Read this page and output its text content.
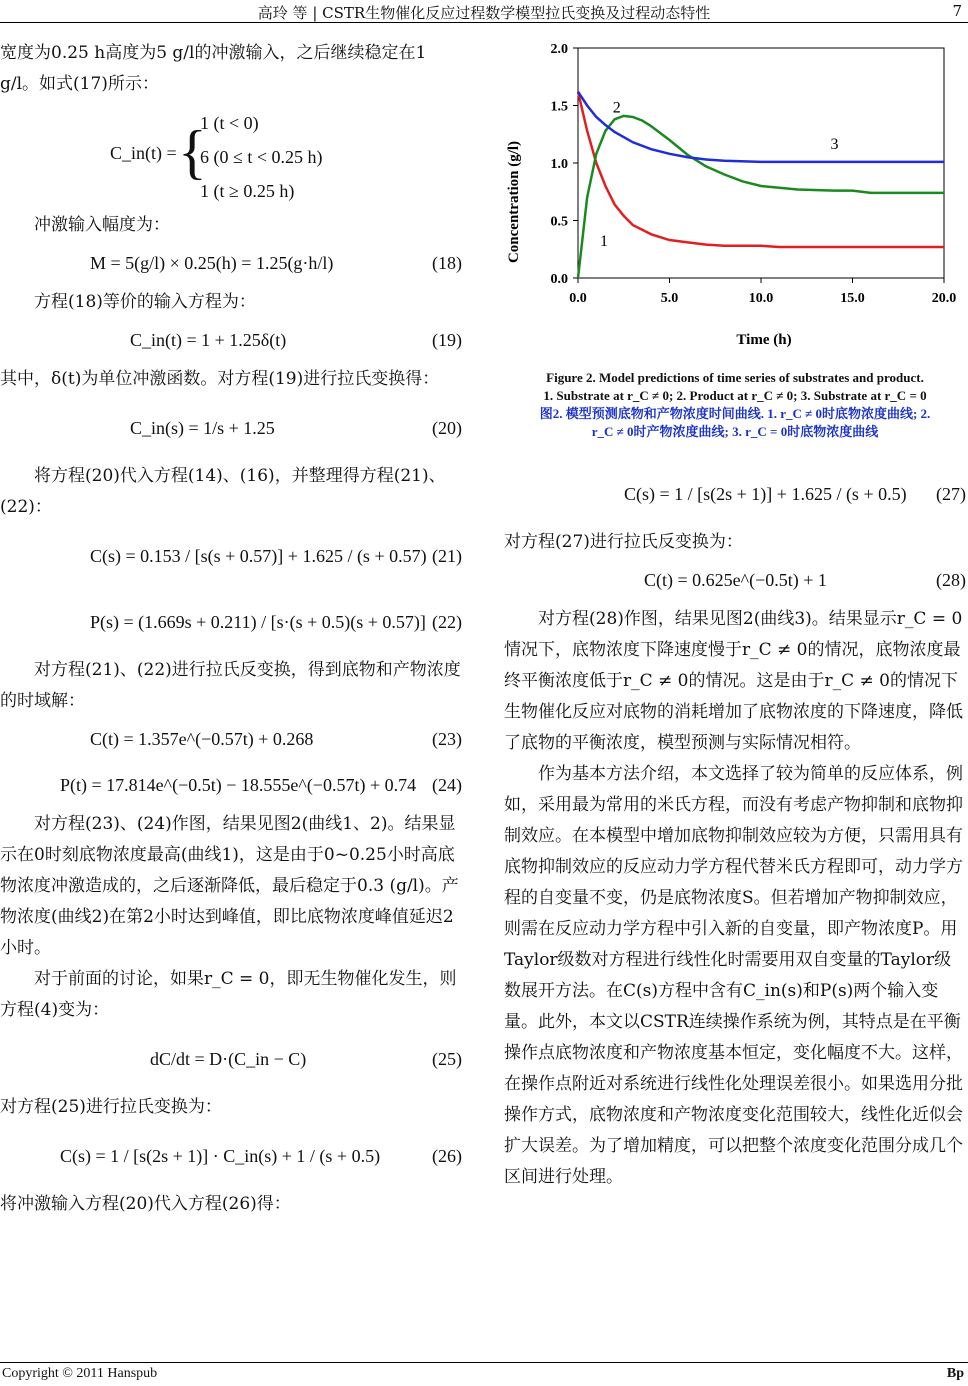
高玲 等 | CSTR生物催化反应过程数学模型拉氏变换及过程动态特性	7

宽度为0.25 h高度为5 g/l的冲激输入，之后继续稳定在1 g/l。如式(17)所示：

C_in(t) = {
1 (t < 0)
6 (0 ≤ t < 0.25 h)
1 (t ≥ 0.25 h)

冲激输入幅度为：

M = 5(g/l) × 0.25(h) = 1.25(g·h/l)	(18)

方程(18)等价的输入方程为：

C_in(t) = 1 + 1.25δ(t)	(19)

其中，δ(t)为单位冲激函数。对方程(19)进行拉氏变换得：

C_in(s) = 1/s + 1.25	(20)

将方程(20)代入方程(14)、(16)，并整理得方程(21)、(22)：

C(s) = 0.153 / [s(s + 0.57)] + 1.625 / (s + 0.57) (21)
P(s) = (1.669s + 0.211) / [s·(s + 0.5)(s + 0.57)] (22)

对方程(21)、(22)进行拉氏反变换，得到底物和产物浓度的时域解：

C(t) = 1.357e^(−0.57t) + 0.268	(23)
P(t) = 17.814e^(−0.5t) − 18.555e^(−0.57t) + 0.74 (24)

对方程(23)、(24)作图，结果见图2(曲线1、2)。结果显示在0时刻底物浓度最高(曲线1)，这是由于0~0.25小时高底物浓度冲激造成的，之后逐渐降低，最后稳定于0.3 (g/l)。产物浓度(曲线2)在第2小时达到峰值，即比底物浓度峰值延迟2小时。

对于前面的讨论，如果r_C = 0，即无生物催化发生，则方程(4)变为：

dC/dt = D·(C_in − C)	(25)

对方程(25)进行拉氏变换为：

C(s) = 1 / [s(2s + 1)] · C_in(s) + 1 / (s + 0.5)	(26)

将冲激输入方程(20)代入方程(26)得：

Concentration (g/l)
Time (h)
0.0
0.5
1.0
1.5
2.0
0.0	5.0	10.0	15.0	20.0
1
2
3
Figure 2. Model predictions of time series of substrates and product.
1. Substrate at r_C ≠ 0; 2. Product at r_C ≠ 0; 3. Substrate at r_C = 0
图2. 模型预测底物和产物浓度时间曲线. 1. r_C ≠ 0时底物浓度曲线; 2.
r_C ≠ 0时产物浓度曲线; 3. r_C = 0时底物浓度曲线
C(s) = 1 / [s(2s + 1)] + 1.625 / (s + 0.5) (27)

对方程(27)进行拉氏反变换为：

C(t) = 0.625e^(−0.5t) + 1	(28)

对方程(28)作图，结果见图2(曲线3)。结果显示r_C = 0情况下，底物浓度下降速度慢于r_C ≠ 0的情况，底物浓度最终平衡浓度低于r_C ≠ 0的情况。这是由于r_C ≠ 0的情况下生物催化反应对底物的消耗增加了底物浓度的下降速度，降低了底物的平衡浓度，模型预测与实际情况相符。

作为基本方法介绍，本文选择了较为简单的反应体系，例如，采用最为常用的米氏方程，而没有考虑产物抑制和底物抑制效应。在本模型中增加底物抑制效应较为方便，只需用具有底物抑制效应的反应动力学方程代替米氏方程即可，动力学方程的自变量不变，仍是底物浓度S。但若增加产物抑制效应，则需在反应动力学方程中引入新的自变量，即产物浓度P。用Taylor级数对方程进行线性化时需要用双自变量的Taylor级数展开方法。在C(s)方程中含有C_in(s)和P(s)两个输入变量。此外，本文以CSTR连续操作系统为例，其特点是在平衡操作点底物浓度和产物浓度基本恒定，变化幅度不大。这样，在操作点附近对系统进行线性化处理误差很小。如果选用分批操作方式，底物浓度和产物浓度变化范围较大，线性化近似会扩大误差。为了增加精度，可以把整个浓度变化范围分成几个区间进行处理。

Copyright © 2011 Hanspub	Bp
